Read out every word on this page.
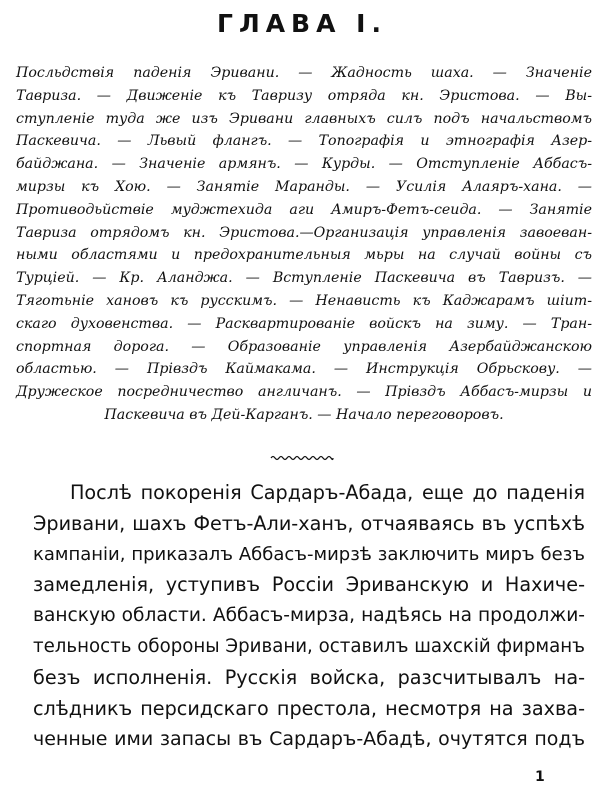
ГЛАВА I.
Посльдствія паденія Эривани. — Жадность шаха. — Значеніе
Тавриза. — Движеніе къ Тавризу отряда кн. Эристова. — Вы-
ступленіе туда же изъ Эривани главныхъ силъ подъ начальствомъ
Паскевича. — Львый флангъ. — Топографія и этнографія Азер-
байджана. — Значеніе армянъ. — Курды. — Отступленіе Аббасъ-
мирзы къ Хою. — Занятіе Маранды. — Усилія Алаяръ-хана. —
Противодьйствіе муджтехида аги Амиръ-Фетъ-сеида. — Занятіе
Тавриза отрядомъ кн. Эристова.—Организація управленія завоеван-
ными областями и предохранительныя мьры на случай войны съ
Турціей. — Кр. Аланджа. — Вступленіе Паскевича въ Тавризъ. —
Тяготьніе хановъ къ русскимъ. — Ненависть къ Каджарамъ шіит-
скаго духовенства. — Расквартированіе войскъ на зиму. — Тран-
спортная дорога. — Образованіе управленія Азербайджанскою
областью. — Прівздъ Каймакама. — Инструкція Обрьскову. —
Дружеское посредничество англичанъ. — Прівздъ Аббасъ-мирзы и
Паскевича въ Дей-Карганъ. — Начало переговоровъ.
Послѣ покоренія Сардаръ-Абада, еще до паденія
Эривани, шахъ Фетъ-Али-ханъ, отчаяваясь въ успѣхѣ
кампаніи, приказалъ Аббасъ-мирзѣ заключить миръ безъ
замедленія, уступивъ Россіи Эриванскую и Нахиче-
ванскую области. Аббасъ-мирза, надѣясь на продолжи-
тельность обороны Эривани, оставилъ шахскій фирманъ
безъ исполненія. Русскія войска, разсчитывалъ на-
слѣдникъ персидскаго престола, несмотря на захва-
ченные ими запасы въ Сардаръ-Абадѣ, очутятся подъ
1
